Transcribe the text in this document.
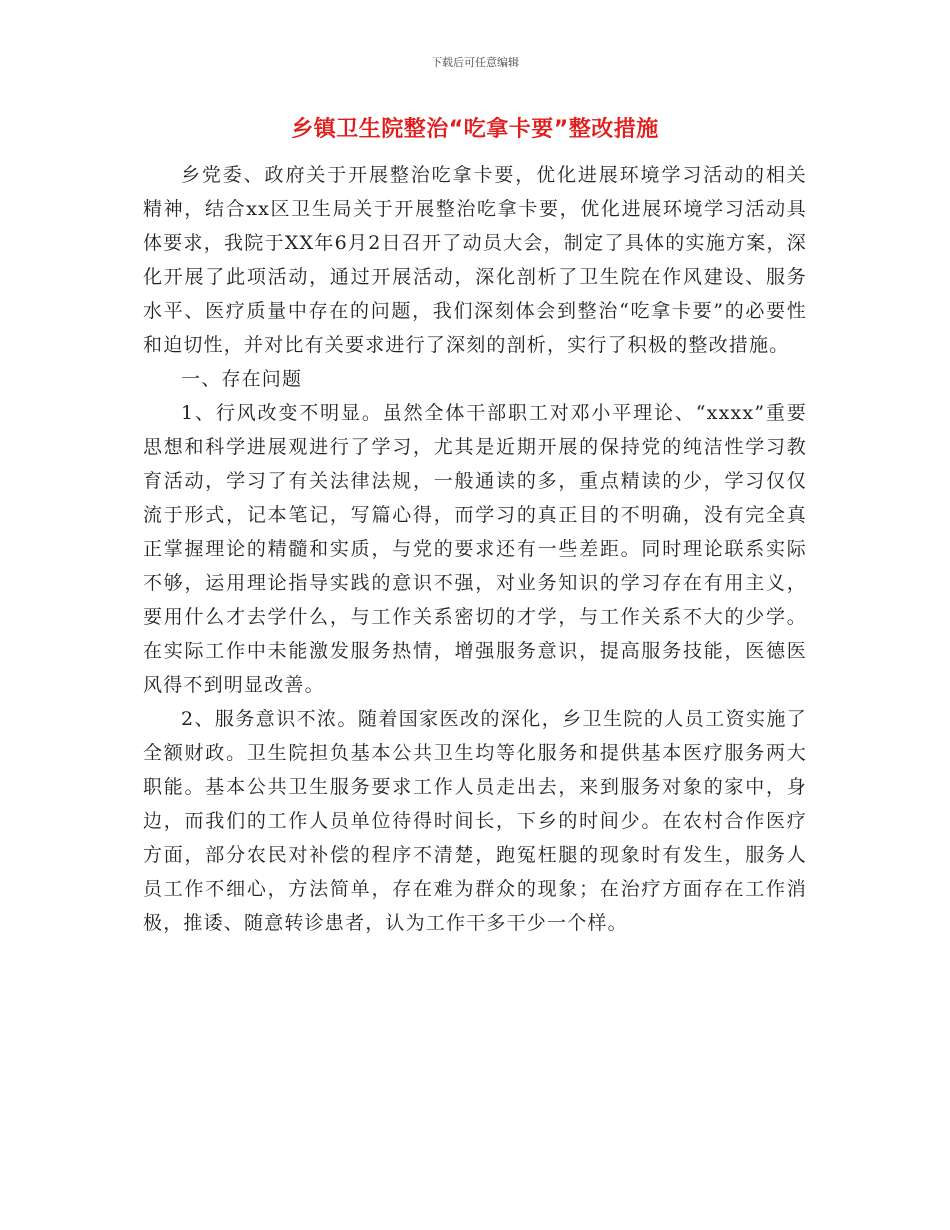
下载后可任意编辑
乡镇卫生院整治“吃拿卡要”整改措施

乡党委、政府关于开展整治吃拿卡要，优化进展环境学习活动的相关精神，结合xx区卫生局关于开展整治吃拿卡要，优化进展环境学习活动具体要求，我院于XX年6月2日召开了动员大会，制定了具体的实施方案，深化开展了此项活动，通过开展活动，深化剖析了卫生院在作风建设、服务水平、医疗质量中存在的问题，我们深刻体会到整治“吃拿卡要”的必要性和迫切性，并对比有关要求进行了深刻的剖析，实行了积极的整改措施。

一、存在问题

1、行风改变不明显。虽然全体干部职工对邓小平理论、“xxxx”重要思想和科学进展观进行了学习，尤其是近期开展的保持党的纯洁性学习教育活动，学习了有关法律法规，一般通读的多，重点精读的少，学习仅仅流于形式，记本笔记，写篇心得，而学习的真正目的不明确，没有完全真正掌握理论的精髓和实质，与党的要求还有一些差距。同时理论联系实际不够，运用理论指导实践的意识不强，对业务知识的学习存在有用主义，要用什么才去学什么，与工作关系密切的才学，与工作关系不大的少学。在实际工作中未能激发服务热情，增强服务意识，提高服务技能，医德医风得不到明显改善。

2、服务意识不浓。随着国家医改的深化，乡卫生院的人员工资实施了全额财政。卫生院担负基本公共卫生均等化服务和提供基本医疗服务两大职能。基本公共卫生服务要求工作人员走出去，来到服务对象的家中，身边，而我们的工作人员单位待得时间长，下乡的时间少。在农村合作医疗方面，部分农民对补偿的程序不清楚，跑冤枉腿的现象时有发生，服务人员工作不细心，方法简单，存在难为群众的现象；在治疗方面存在工作消极，推诿、随意转诊患者，认为工作干多干少一个样。
